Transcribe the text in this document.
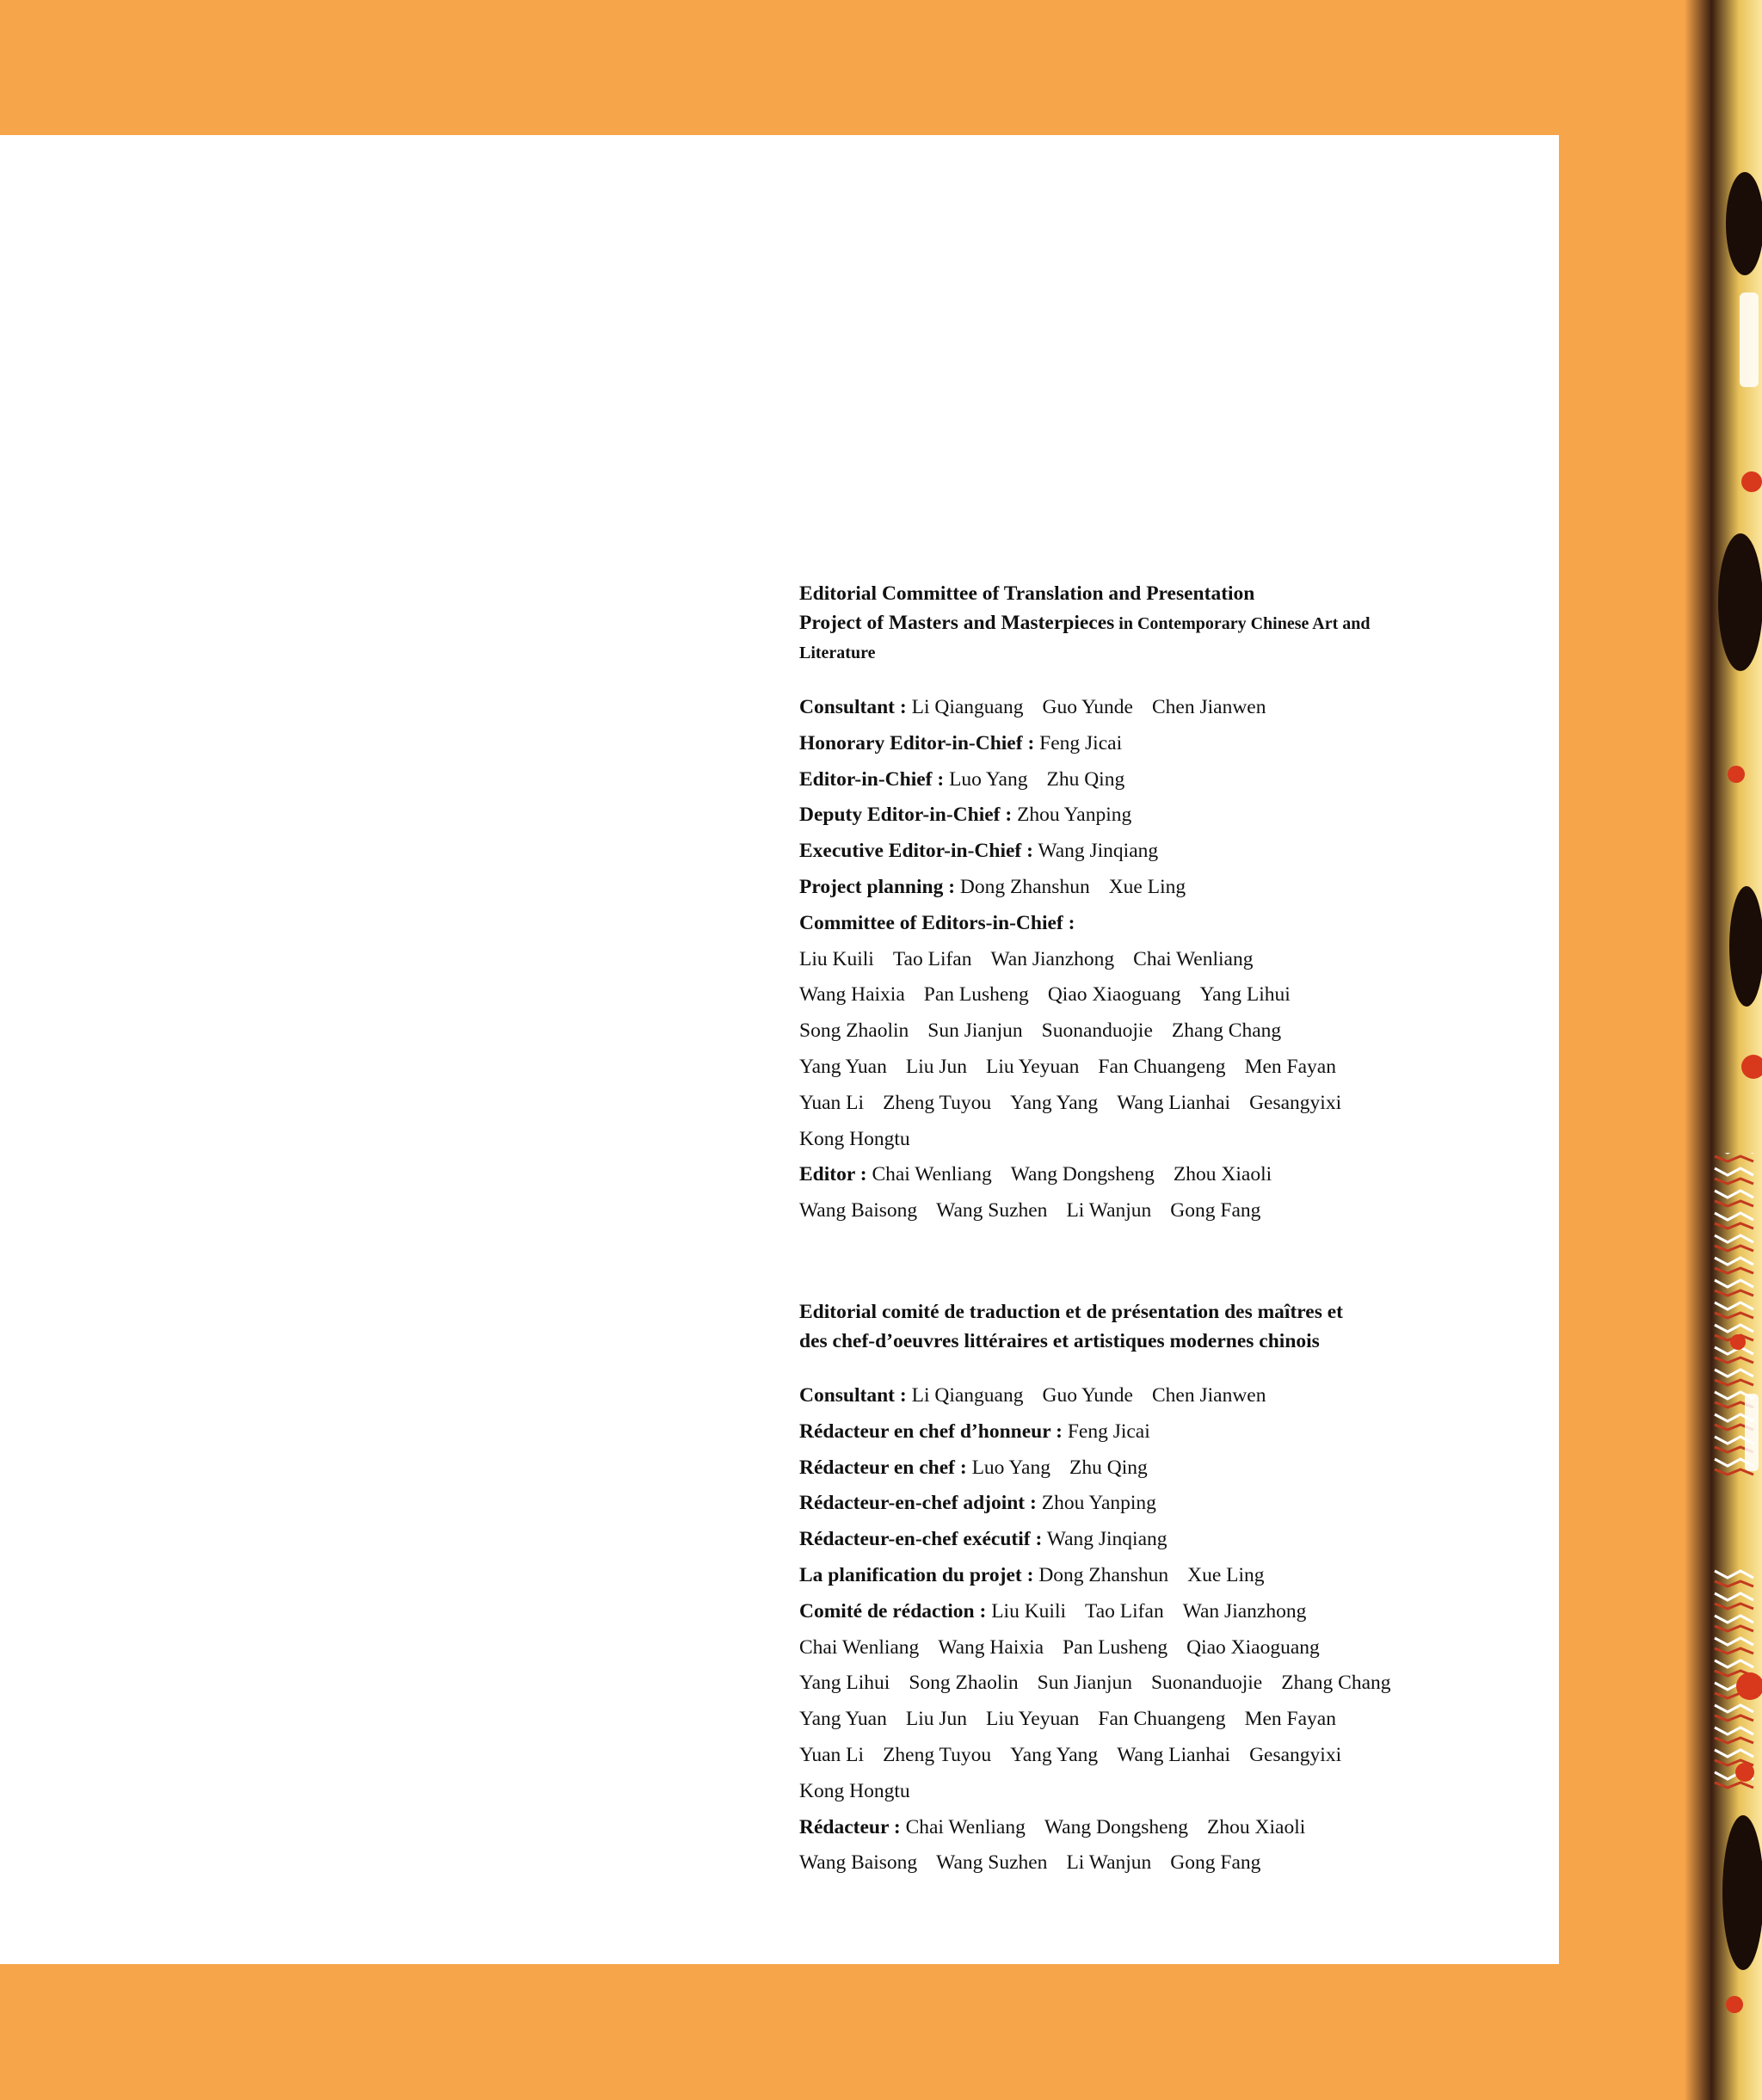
Editorial Committee of Translation and Presentation
Project of Masters and Masterpieces in Contemporary Chinese Art and
Literature
Consultant : Li Qianguang Guo Yunde Chen Jianwen
Honorary Editor-in-Chief : Feng Jicai
Editor-in-Chief : Luo Yang Zhu Qing
Deputy Editor-in-Chief : Zhou Yanping
Executive Editor-in-Chief : Wang Jinqiang
Project planning : Dong Zhanshun Xue Ling
Committee of Editors-in-Chief :
Liu Kuili Tao Lifan Wan Jianzhong Chai Wenliang
Wang Haixia Pan Lusheng Qiao Xiaoguang Yang Lihui
Song Zhaolin Sun Jianjun Suonanduojie Zhang Chang
Yang Yuan Liu Jun Liu Yeyuan Fan Chuangeng Men Fayan
Yuan Li Zheng Tuyou Yang Yang Wang Lianhai Gesangyixi
Kong Hongtu
Editor : Chai Wenliang Wang Dongsheng Zhou Xiaoli
Wang Baisong Wang Suzhen Li Wanjun Gong Fang
Editorial comité de traduction et de présentation des maîtres et
des chef-d’oeuvres littéraires et artistiques modernes chinois
Consultant : Li Qianguang Guo Yunde Chen Jianwen
Rédacteur en chef d’honneur : Feng Jicai
Rédacteur en chef : Luo Yang Zhu Qing
Rédacteur-en-chef adjoint : Zhou Yanping
Rédacteur-en-chef exécutif : Wang Jinqiang
La planification du projet : Dong Zhanshun Xue Ling
Comité de rédaction : Liu Kuili Tao Lifan Wan Jianzhong
Chai Wenliang Wang Haixia Pan Lusheng Qiao Xiaoguang
Yang Lihui Song Zhaolin Sun Jianjun Suonanduojie Zhang Chang
Yang Yuan Liu Jun Liu Yeyuan Fan Chuangeng Men Fayan
Yuan Li Zheng Tuyou Yang Yang Wang Lianhai Gesangyixi
Kong Hongtu
Rédacteur : Chai Wenliang Wang Dongsheng Zhou Xiaoli
Wang Baisong Wang Suzhen Li Wanjun Gong Fang
